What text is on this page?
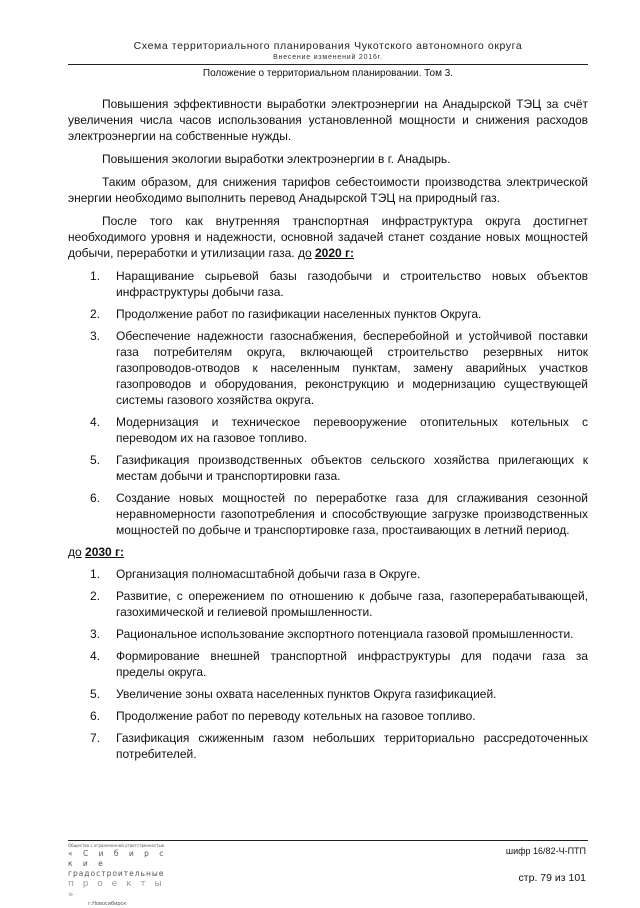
Схема территориального планирования Чукотского автономного округа
Внесение изменений 2016г.
Положение о территориальном планировании. Том 3.

Повышения эффективности выработки электроэнергии на Анадырской ТЭЦ за счёт увеличения числа часов использования установленной мощности и снижения расходов электроэнергии на собственные нужды.

Повышения экологии выработки электроэнергии в г. Анадырь.

Таким образом, для снижения тарифов себестоимости производства электрической энергии необходимо выполнить перевод Анадырской ТЭЦ на природный газ.

После того как внутренняя транспортная инфраструктура округа достигнет необходимого уровня и надежности, основной задачей станет создание новых мощностей добычи, переработки и утилизации газа. до 2020 г:

1.	Наращивание сырьевой базы газодобычи и строительство новых объектов инфраструктуры добычи газа.
2.	Продолжение работ по газификации населенных пунктов Округа.
3.	Обеспечение надежности газоснабжения, бесперебойной и устойчивой поставки газа потребителям округа, включающей строительство резервных ниток газопроводов-отводов к населенным пунктам, замену аварийных участков газопроводов и оборудования, реконструкцию и модернизацию существующей системы газового хозяйства округа.
4.	Модернизация и техническое перевооружение отопительных котельных с переводом их на газовое топливо.
5.	Газификация производственных объектов сельского хозяйства прилегающих к местам добычи и транспортировки газа.
6.	Создание новых мощностей по переработке газа для сглаживания сезонной неравномерности газопотребления и способствующие загрузке производственных мощностей по добыче и транспортировке газа, простаивающих в летний период.
до 2030 г:
1.	Организация полномасштабной добычи газа в Округе.
2.	Развитие, с опережением по отношению к добыче газа, газоперерабатывающей, газохимической и гелиевой промышленности.
3.	Рациональное использование экспортного потенциала газовой промышленности.
4.	Формирование внешней транспортной инфраструктуры для подачи газа за пределы округа.
5.	Увеличение зоны охвата населенных пунктов Округа газификацией.
6.	Продолжение работ по переводу котельных на газовое топливо.
7.	Газификация сжиженным газом небольших территориально рассредоточенных потребителей.
Общество с ограниченной ответственностью
« С и б и р с к и е
градостроительные
п р о е к т ы »
г.Новосибирск
шифр 16/82-Ч-ПТП
стр. 79 из 101
